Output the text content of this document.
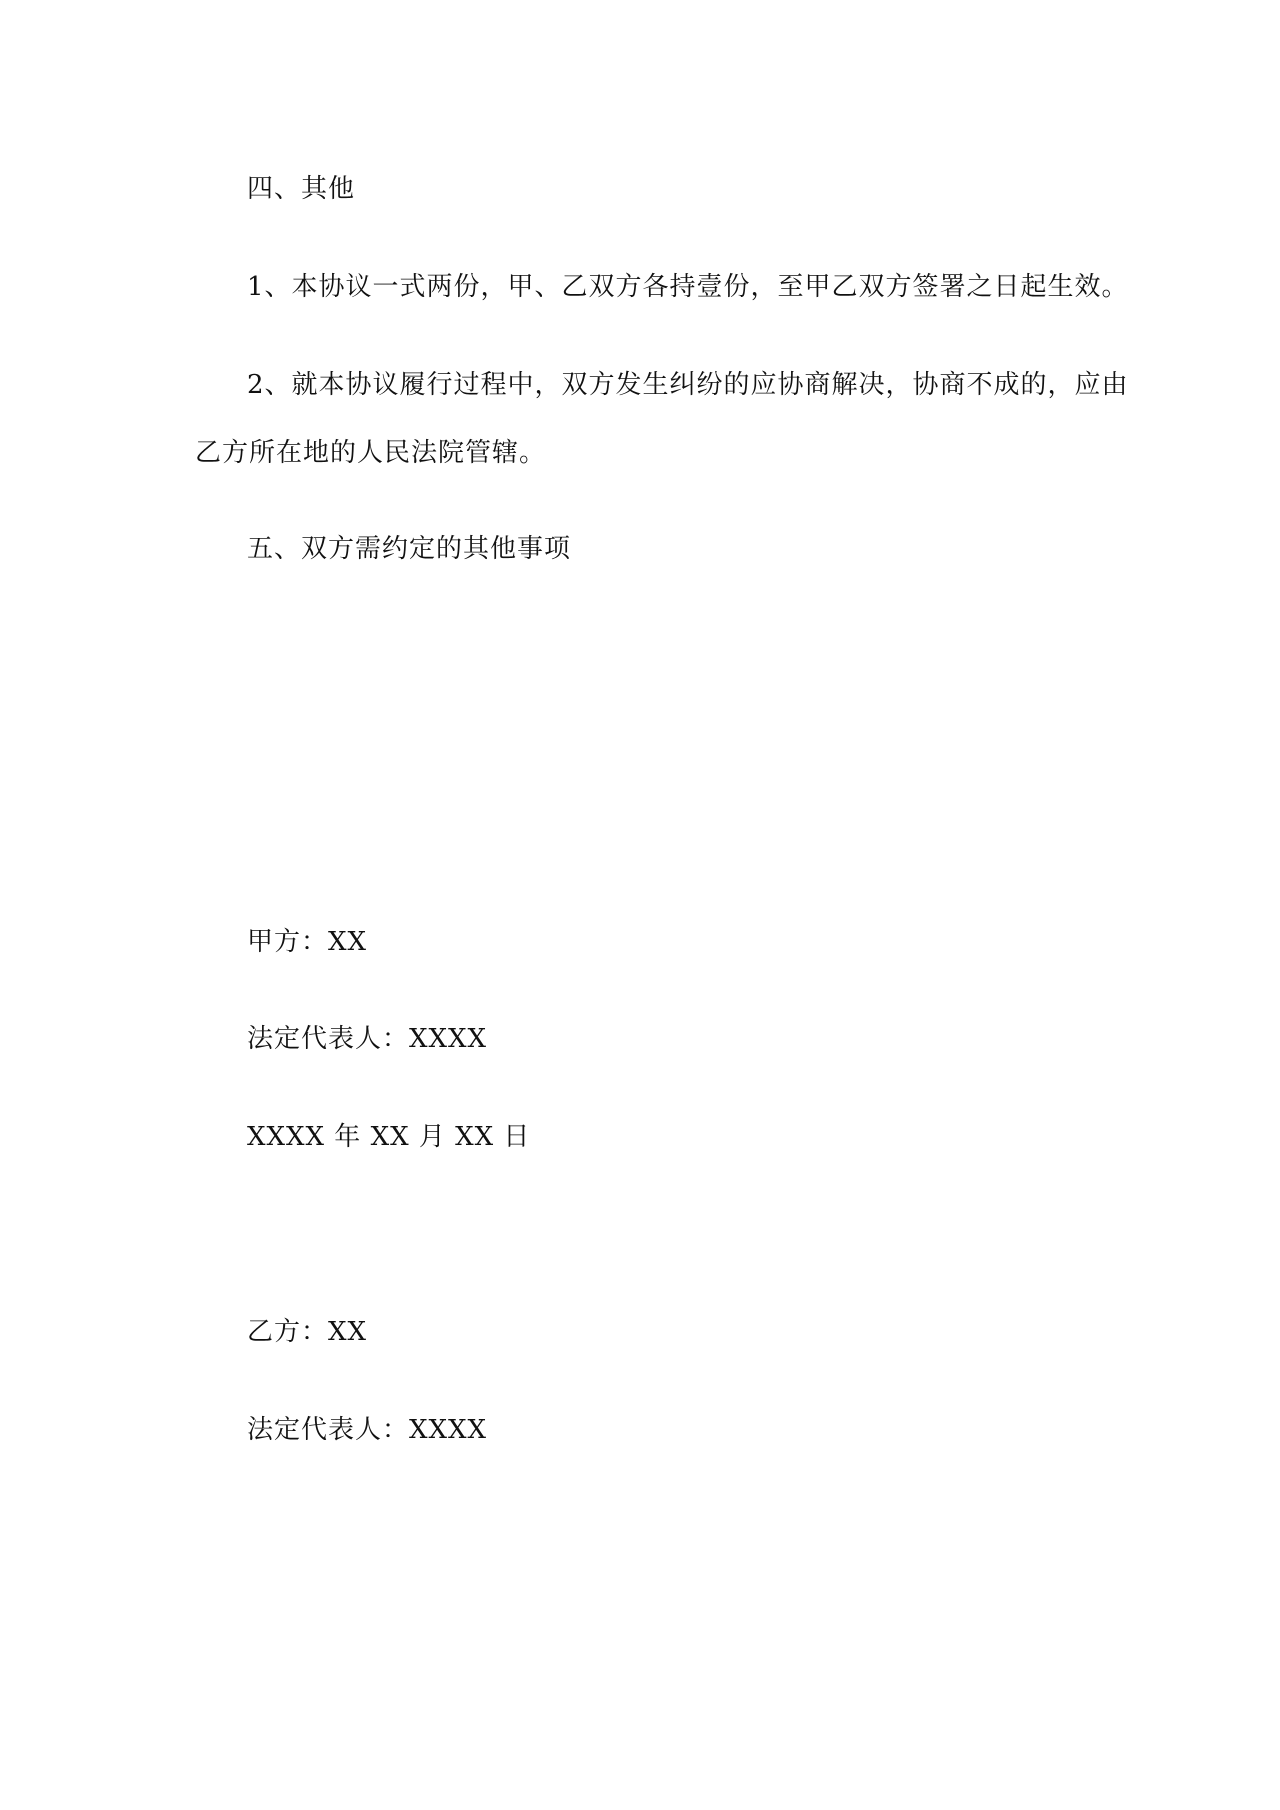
四、其他

1、本协议一式两份，甲、乙双方各持壹份，至甲乙双方签署之日起生效。

2、就本协议履行过程中，双方发生纠纷的应协商解决，协商不成的，应由

乙方所在地的人民法院管辖。

五、双方需约定的其他事项

甲方：XX

法定代表人：XXXX

XXXX 年 XX 月 XX 日

乙方：XX

法定代表人：XXXX
